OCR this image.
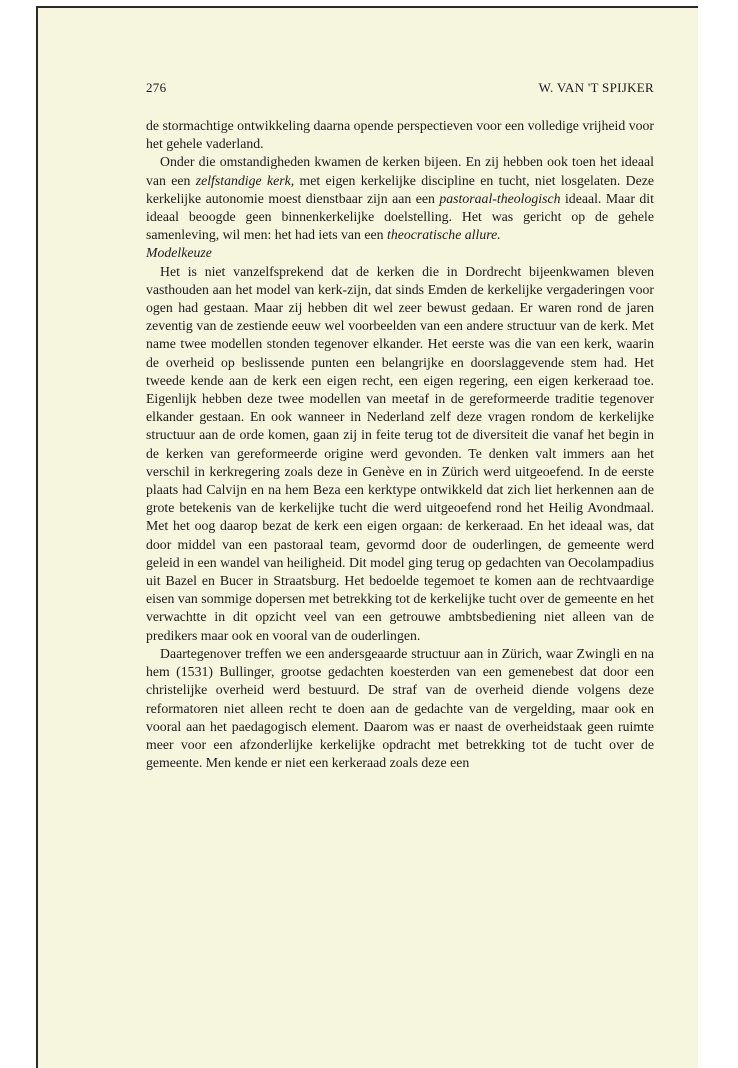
276	W. VAN 'T SPIJKER

de stormachtige ontwikkeling daarna opende perspectieven voor een volledige vrijheid voor het gehele vaderland.

Onder die omstandigheden kwamen de kerken bijeen. En zij hebben ook toen het ideaal van een zelfstandige kerk, met eigen kerkelijke discipline en tucht, niet losgelaten. Deze kerkelijke autonomie moest dienstbaar zijn aan een pastoraal-theologisch ideaal. Maar dit ideaal beoogde geen binnenkerkelijke doelstelling. Het was gericht op de gehele samenleving, wil men: het had iets van een theocratische allure.

Modelkeuze

Het is niet vanzelfsprekend dat de kerken die in Dordrecht bijeenkwamen bleven vasthouden aan het model van kerk-zijn, dat sinds Emden de kerkelijke vergaderingen voor ogen had gestaan. Maar zij hebben dit wel zeer bewust gedaan. Er waren rond de jaren zeventig van de zestiende eeuw wel voorbeelden van een andere structuur van de kerk. Met name twee modellen stonden tegenover elkander. Het eerste was die van een kerk, waarin de overheid op beslissende punten een belangrijke en doorslaggevende stem had. Het tweede kende aan de kerk een eigen recht, een eigen regering, een eigen kerkeraad toe. Eigenlijk hebben deze twee modellen van meetaf in de gereformeerde traditie tegenover elkander gestaan. En ook wanneer in Nederland zelf deze vragen rondom de kerkelijke structuur aan de orde komen, gaan zij in feite terug tot de diversiteit die vanaf het begin in de kerken van gereformeerde origine werd gevonden. Te denken valt immers aan het verschil in kerkregering zoals deze in Genève en in Zürich werd uitgeoefend. In de eerste plaats had Calvijn en na hem Beza een kerktype ontwikkeld dat zich liet herkennen aan de grote betekenis van de kerkelijke tucht die werd uitgeoefend rond het Heilig Avondmaal. Met het oog daarop bezat de kerk een eigen orgaan: de kerkeraad. En het ideaal was, dat door middel van een pastoraal team, gevormd door de ouderlingen, de gemeente werd geleid in een wandel van heiligheid. Dit model ging terug op gedachten van Oecolampadius uit Bazel en Bucer in Straatsburg. Het bedoelde tegemoet te komen aan de rechtvaardige eisen van sommige dopersen met betrekking tot de kerkelijke tucht over de gemeente en het verwachtte in dit opzicht veel van een getrouwe ambtsbediening niet alleen van de predikers maar ook en vooral van de ouderlingen.

Daartegenover treffen we een andersgeaarde structuur aan in Zürich, waar Zwingli en na hem (1531) Bullinger, grootse gedachten koesterden van een gemenebest dat door een christelijke overheid werd bestuurd. De straf van de overheid diende volgens deze reformatoren niet alleen recht te doen aan de gedachte van de vergelding, maar ook en vooral aan het paedagogisch element. Daarom was er naast de overheidstaak geen ruimte meer voor een afzonderlijke kerkelijke opdracht met betrekking tot de tucht over de gemeente. Men kende er niet een kerkeraad zoals deze een
